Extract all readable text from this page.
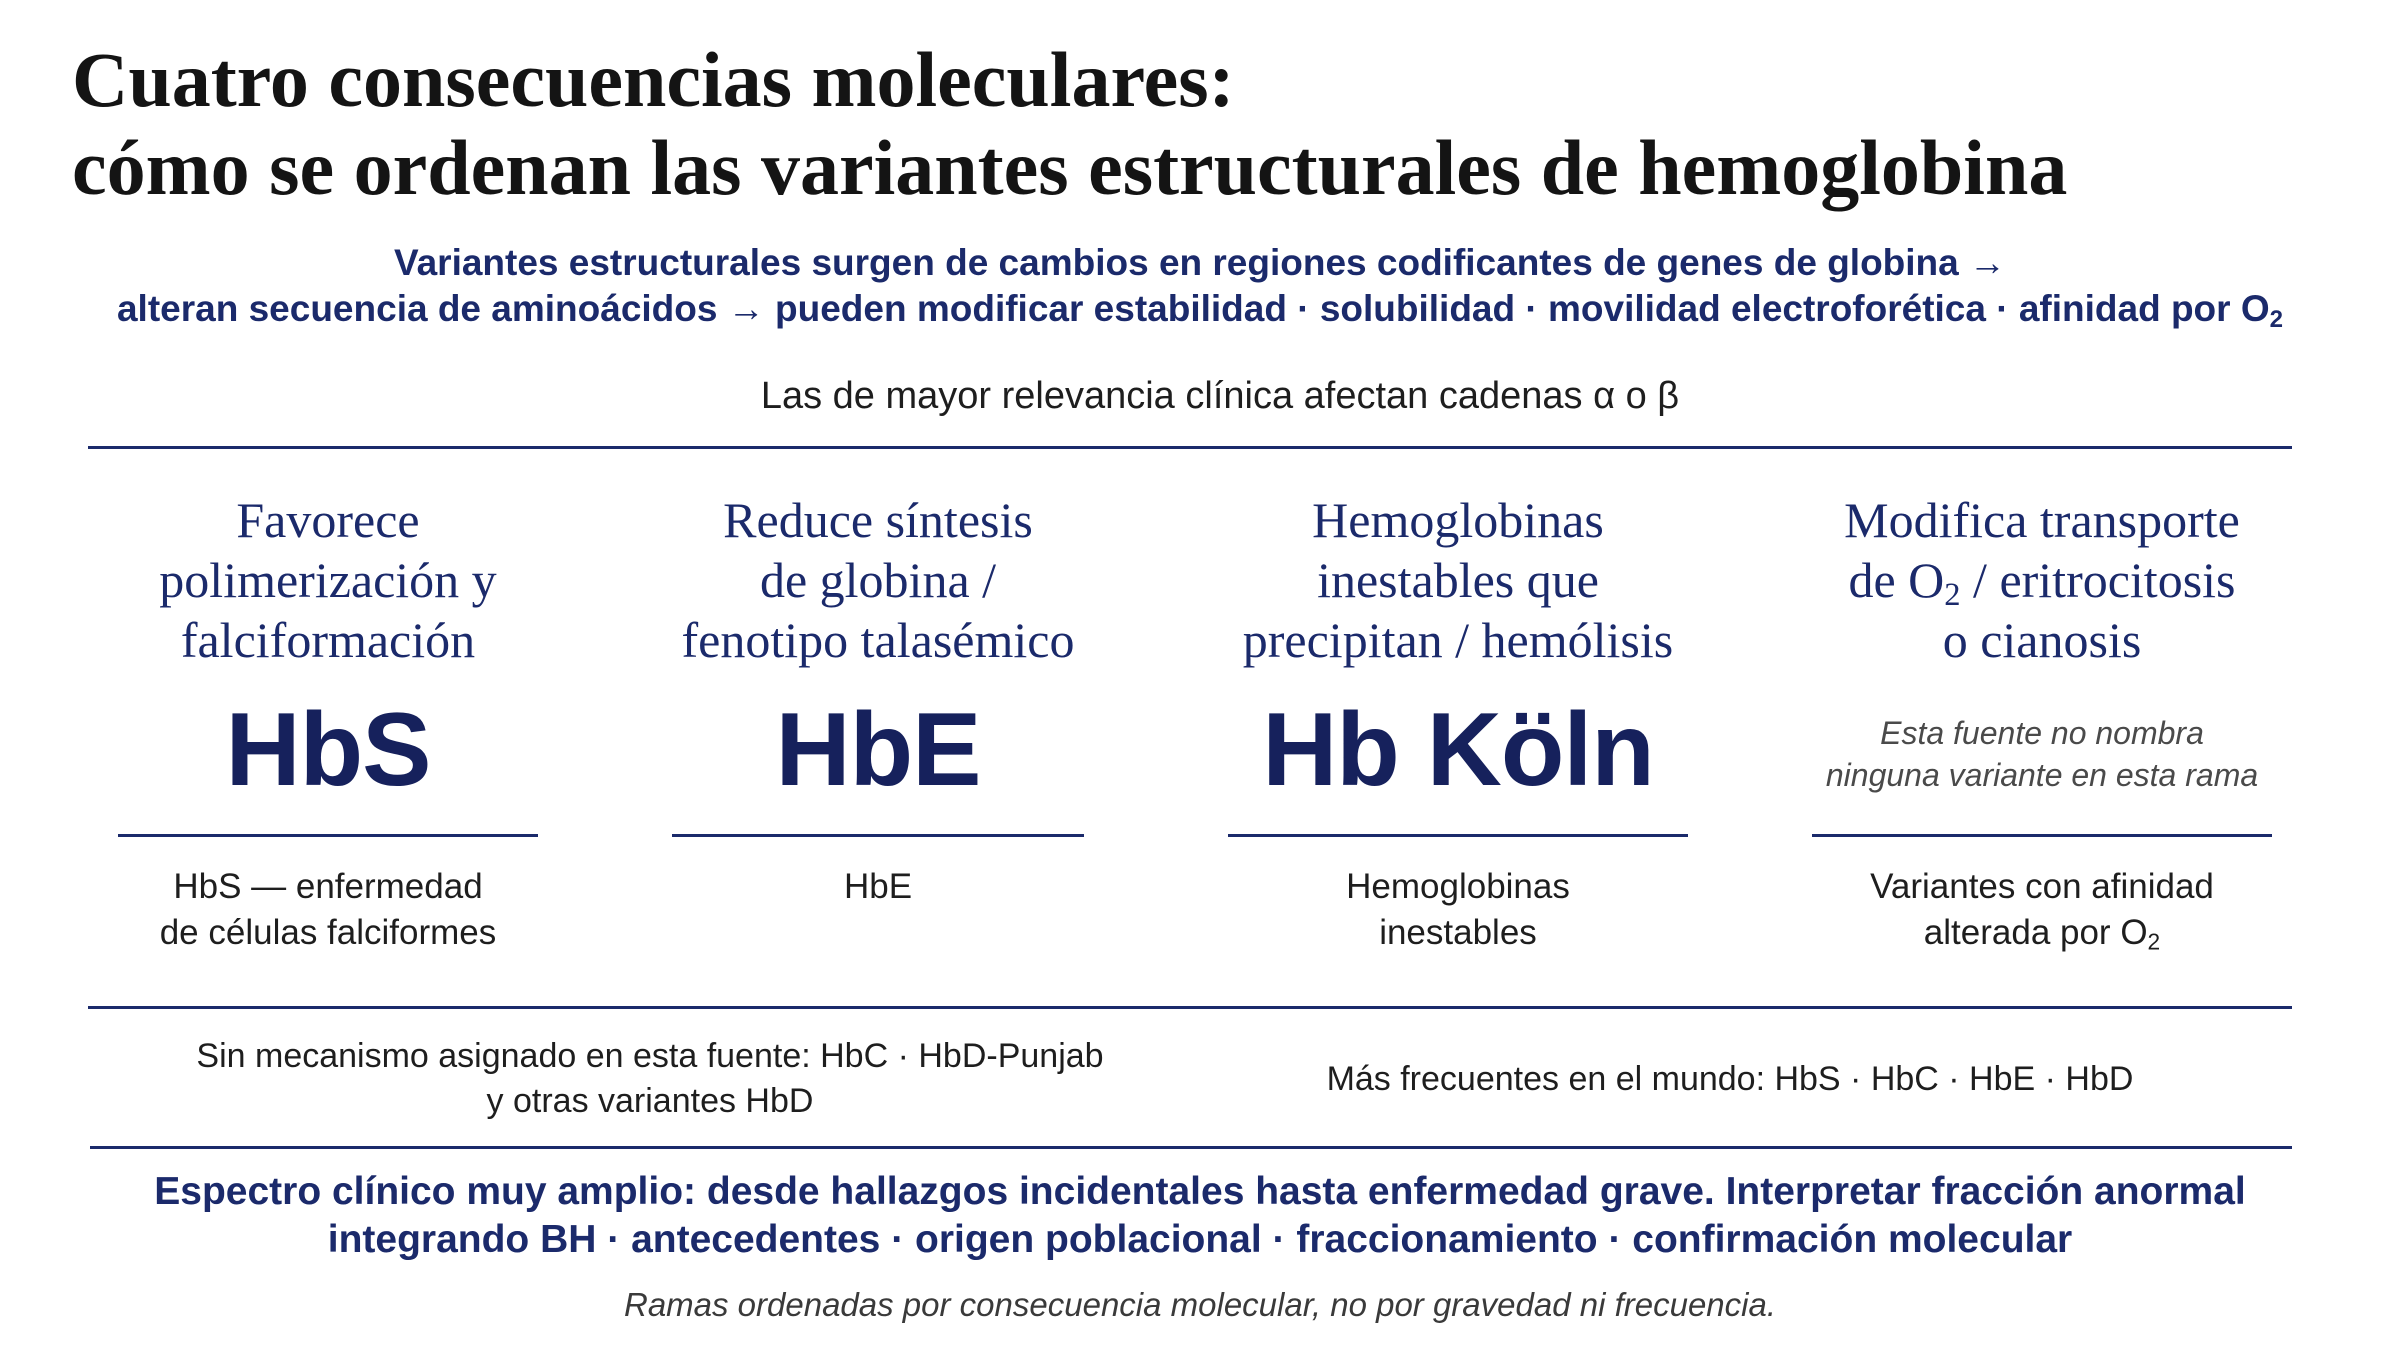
Cuatro consecuencias moleculares:
cómo se ordenan las variantes estructurales de hemoglobina
Variantes estructurales surgen de cambios en regiones codificantes de genes de globina →
alteran secuencia de aminoácidos → pueden modificar estabilidad · solubilidad · movilidad electroforética · afinidad por $O_2$
Las de mayor relevancia clínica afectan cadenas α o β
Favorece
polimerización y
falciformación
HbS
HbS — enfermedad
de células falciformes
Reduce síntesis
de globina /
fenotipo talasémico
HbE
HbE
Hemoglobinas
inestables que
precipitan / hemólisis
Hb Köln
Hemoglobinas
inestables
Modifica transporte
de $O_2$ / eritrocitosis
o cianosis
Esta fuente no nombra
ninguna variante en esta rama
Variantes con afinidad
alterada por $O_2$
Sin mecanismo asignado en esta fuente: HbC · HbD-Punjab
y otras variantes HbD
Más frecuentes en el mundo: HbS · HbC · HbE · HbD
Espectro clínico muy amplio: desde hallazgos incidentales hasta enfermedad grave. Interpretar fracción anormal
integrando BH · antecedentes · origen poblacional · fraccionamiento · confirmación molecular
Ramas ordenadas por consecuencia molecular, no por gravedad ni frecuencia.
